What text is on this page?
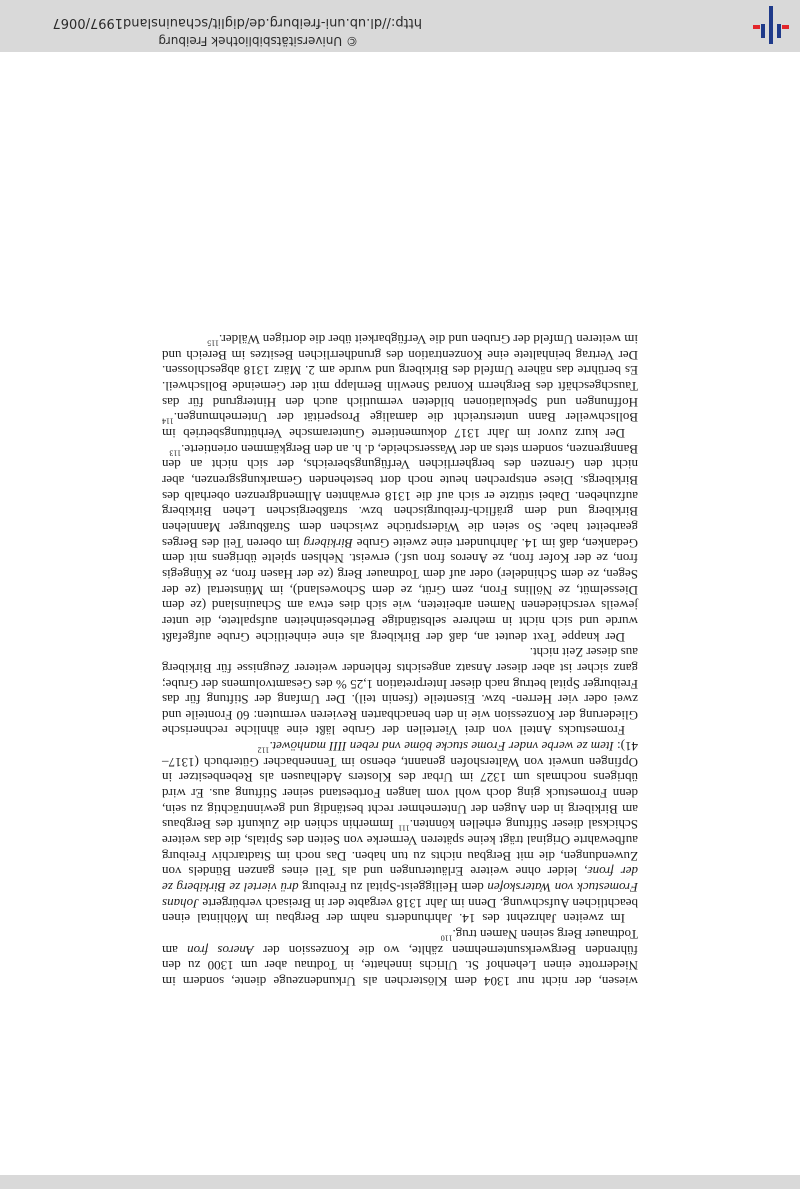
wiesen, der nicht nur 1304 dem Klösterchen als Urkundenzeuge diente, sondern im Niederrotte einen Lehenhof St. Ulrichs innehatte, in Todtnau aber um 1300 zu den führenden Bergwerksunternehmen zählte, wo die Konzession der Aneros fron am Todtnauer Berg seinen Namen trug.$^{110}$

Im zweiten Jahrzehnt des 14. Jahrhunderts nahm der Bergbau im Möhlintal einen beachtlichen Aufschwung. Denn im Jahr 1318 vergabte der in Breisach verbürgerte Johans Fromestuck von Waterskofen dem Heiliggeist-Spital zu Freiburg drü viertel ze Birkiberg ze der fronε, leider ohne weitere Erläuterungen und als Teil eines ganzen Bündels von Zuwendungen, die mit Bergbau nichts zu tun haben. Das noch im Stadtarchiv Freiburg aufbewahrte Original trägt keine späteren Vermerke von Seiten des Spitals, die das weitere Schicksal dieser Stiftung erhellen könnten.$^{111}$ Immerhin schien die Zukunft des Bergbaus am Birkiberg in den Augen der Unternehmer recht beständig und gewinnträchtig zu sein, denn Fromestuck ging doch wohl vom langen Fortbestand seiner Stiftung aus. Er wird übrigens nochmals um 1327 im Urbar des Klosters Adelhausen als Rebenbesitzer in Opfingen unweit von Waltershofen genannt, ebenso im Tennenbacher Güterbuch (1317–41): Item ze werbe vnder Frome stucke böme vnd reben IIII manhöwet.$^{112}$

Fromestucks Anteil von drei Vierteilen der Grube läßt eine ähnliche rechnerische Gliederung der Konzession wie in den benachbarten Revieren vermuten: 60 Fronteile und zwei oder vier Herren- bzw. Eisenteile (fsenin teil). Der Umfang der Stiftung für das Freiburger Spital betrug nach dieser Interpretation 1,25 % des Gesamtvolumens der Grube; ganz sicher ist aber dieser Ansatz angesichts fehlender weiterer Zeugnisse für Birkiberg aus dieser Zeit nicht.

Der knappe Text deutet an, daß der Birkiberg als eine einheitliche Grube aufgefaßt wurde und sich nicht in mehrere selbständige Betriebseinheiten aufspaltete, die unter jeweils verschiedenen Namen arbeiteten, wie sich dies etwa am Schauinsland (ze dem Diesselmüt, ze Nöllins Fron, zem Grüt, ze dem Schowesland), im Münstertal (ze der Segen, ze dem Schindeler) oder auf dem Todtnauer Berg (ze der Hasen fron, ze Küngegis fron, ze der Kofer fron, ze Aneros fron usf.) erweist. Nehlsen spielte übrigens mit dem Gedanken, daß im 14. Jahrhundert eine zweite Grube Birkiberg im oberen Teil des Berges gearbeitet habe. So seien die Widersprüche zwischen dem Straßburger Mannlehen Birkiberg und dem gräflich-freiburgischen bzw. straßbergischen Lehen Birkiberg aufzuheben. Dabei stützte er sich auf die 1318 erwähnten Allmendgrenzen oberhalb des Birkibergs. Diese entsprechen heute noch dort bestehenden Gemarkungsgrenzen, aber nicht den Grenzen des bergherrlichen Verfügungsbereichs, der sich nicht an den Banngrenzen, sondern stets an der Wasserscheide, d. h. an den Bergkämmen orientierte.$^{113}$

Der kurz zuvor im Jahr 1317 dokumentierte Gunteramsche Verhüttungsbetrieb im Bollschweiler Bann unterstreicht die damalige Prosperität der Unternehmungen.$^{114}$ Hoffnungen und Spekulationen bildeten vermutlich auch den Hintergrund für das Tauschgeschäft des Bergherrn Konrad Snewlin Bernlapp mit der Gemeinde Bollschweil. Es berührte das nähere Umfeld des Birkiberg und wurde am 2. März 1318 abgeschlossen. Der Vertrag beinhaltete eine Konzentration des grundherrlichen Besitzes im Bereich und im weiteren Umfeld der Gruben und die Verfügbarkeit über die dortigen Wälder.$^{115}$

© Universitätsbibliothek Freiburg
http://dl.ub.uni-freiburg.de/diglit/schauinsland1997/0067
